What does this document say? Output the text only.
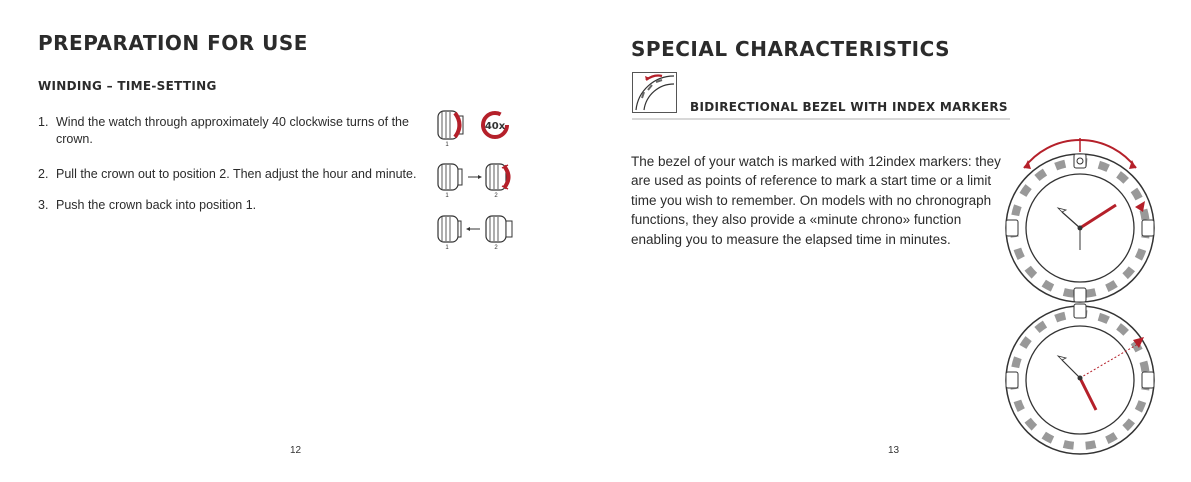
PREPARATION FOR USE
WINDING – TIME-SETTING
1. Wind the watch through approximately 40 clockwise turns of the crown.
2. Pull the crown out to position 2. Then adjust the hour and minute.
3. Push the crown back into position 1.
1
40x
1	2
1	2
12
SPECIAL CHARACTERISTICS
BIDIRECTIONAL BEZEL WITH INDEX MARKERS
The bezel of your watch is marked with 12index markers: they are used as points of reference to mark a start time or a limit time you wish to remember. On models with no chronograph functions, they also provide a «minute chrono» function enabling you to measure the elapsed time in minutes.
13
